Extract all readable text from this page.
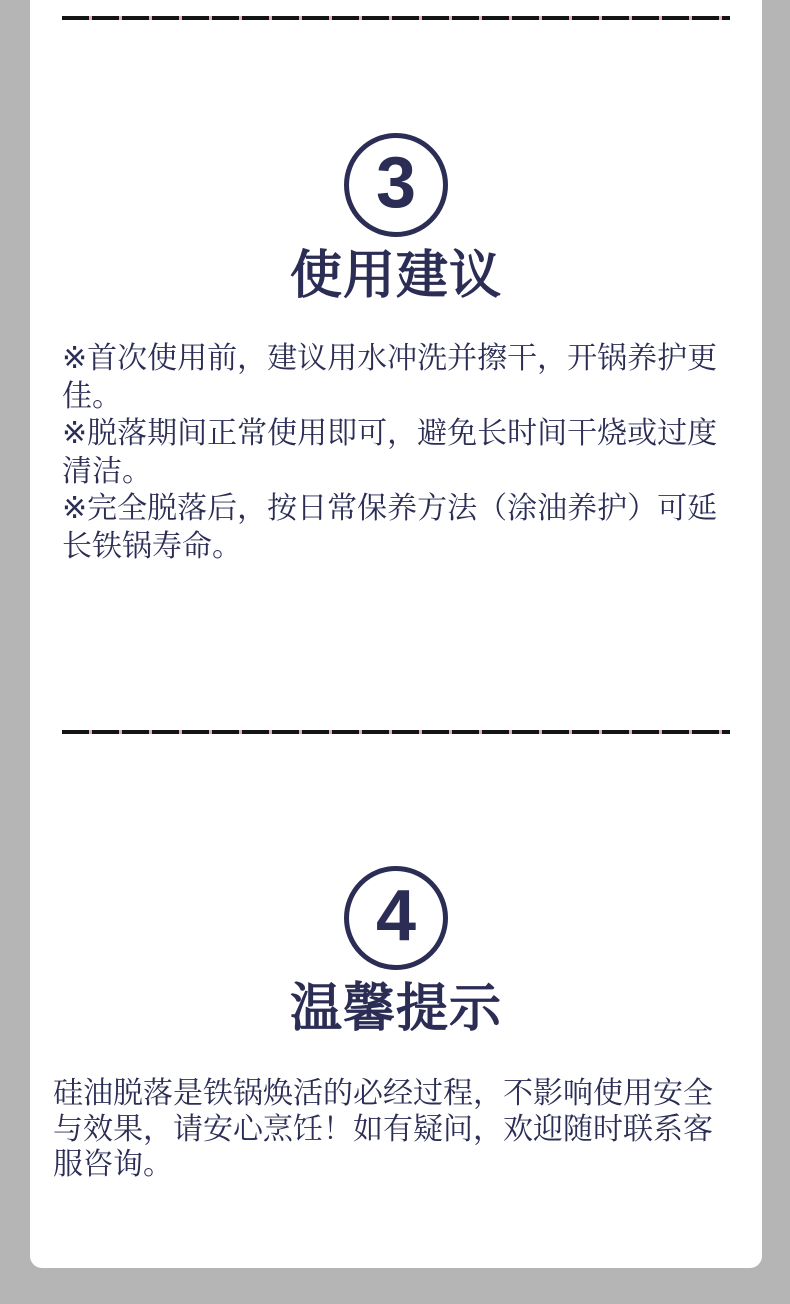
3
使用建议
※首次使用前，建议用水冲洗并擦干，开锅养护更
佳。
※脱落期间正常使用即可，避免长时间干烧或过度
清洁。
※完全脱落后，按日常保养方法（涂油养护）可延
长铁锅寿命。
4
温馨提示
硅油脱落是铁锅焕活的必经过程，不影响使用安全
与效果，请安心烹饪！如有疑问，欢迎随时联系客
服咨询。
